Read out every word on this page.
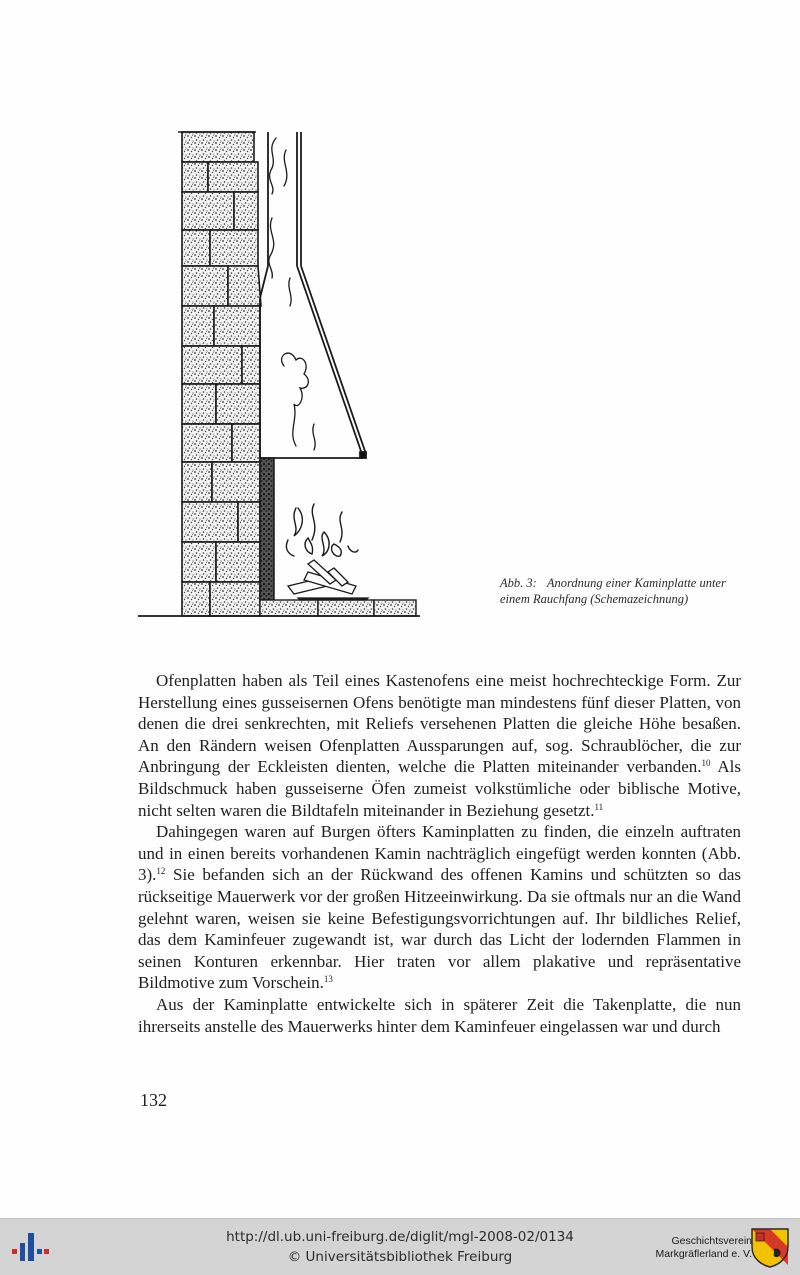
Abb. 3: Anordnung einer Kaminplatte unter einem Rauchfang (Schemazeichnung)

Ofenplatten haben als Teil eines Kastenofens eine meist hochrechteckige Form. Zur Herstellung eines gusseisernen Ofens benötigte man mindestens fünf dieser Platten, von denen die drei senkrechten, mit Reliefs versehenen Platten die gleiche Höhe besaßen. An den Rändern weisen Ofenplatten Aussparungen auf, sog. Schraublöcher, die zur Anbringung der Eckleisten dienten, welche die Platten miteinander verbanden.$^{10}$ Als Bildschmuck haben gusseiserne Öfen zumeist volkstümliche oder biblische Motive, nicht selten waren die Bildtafeln miteinander in Beziehung gesetzt.$^{11}$

Dahingegen waren auf Burgen öfters Kaminplatten zu finden, die einzeln auftraten und in einen bereits vorhandenen Kamin nachträglich eingefügt werden konnten (Abb. 3).$^{12}$ Sie befanden sich an der Rückwand des offenen Kamins und schützten so das rückseitige Mauerwerk vor der großen Hitzeeinwirkung. Da sie oftmals nur an die Wand gelehnt waren, weisen sie keine Befestigungsvorrichtungen auf. Ihr bildliches Relief, das dem Kaminfeuer zugewandt ist, war durch das Licht der lodernden Flammen in seinen Konturen erkennbar. Hier traten vor allem plakative und repräsentative Bildmotive zum Vorschein.$^{13}$

Aus der Kaminplatte entwickelte sich in späterer Zeit die Takenplatte, die nun ihrerseits anstelle des Mauerwerks hinter dem Kaminfeuer eingelassen war und durch

132
http://dl.ub.uni-freiburg.de/diglit/mgl-2008-02/0134
© Universitätsbibliothek Freiburg
Geschichtsverein
Markgräflerland e. V.
